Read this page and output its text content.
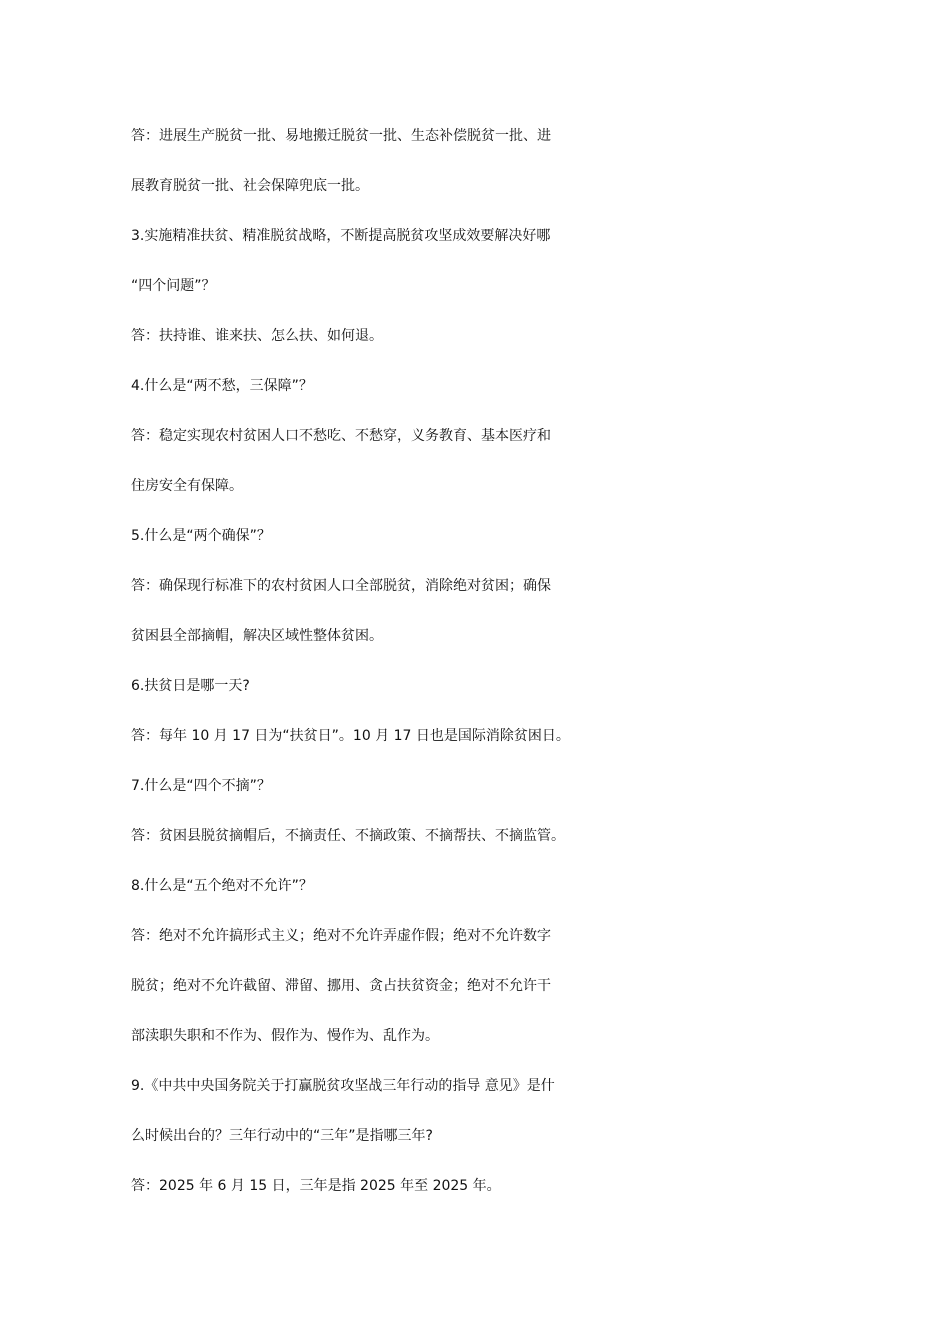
答：进展生产脱贫一批、易地搬迁脱贫一批、生态补偿脱贫一批、进
展教育脱贫一批、社会保障兜底一批。
3.实施精准扶贫、精准脱贫战略，不断提高脱贫攻坚成效要解决好哪
“四个问题”？
答：扶持谁、谁来扶、怎么扶、如何退。
4.什么是“两不愁，三保障”？
答：稳定实现农村贫困人口不愁吃、不愁穿，义务教育、基本医疗和
住房安全有保障。
5.什么是“两个确保”？
答：确保现行标准下的农村贫困人口全部脱贫，消除绝对贫困；确保
贫困县全部摘帽，解决区域性整体贫困。
6.扶贫日是哪一天?
答：每年 10 月 17 日为“扶贫日”。10 月 17 日也是国际消除贫困日。
7.什么是“四个不摘”？
答：贫困县脱贫摘帽后，不摘责任、不摘政策、不摘帮扶、不摘监管。
8.什么是“五个绝对不允许”？
答：绝对不允许搞形式主义；绝对不允许弄虚作假；绝对不允许数字
脱贫；绝对不允许截留、滞留、挪用、贪占扶贫资金；绝对不允许干
部渎职失职和不作为、假作为、慢作为、乱作为。
9.《中共中央国务院关于打赢脱贫攻坚战三年行动的指导 意见》是什
么时候出台的？三年行动中的“三年”是指哪三年?
答：2025 年 6 月 15 日，三年是指 2025 年至 2025 年。
